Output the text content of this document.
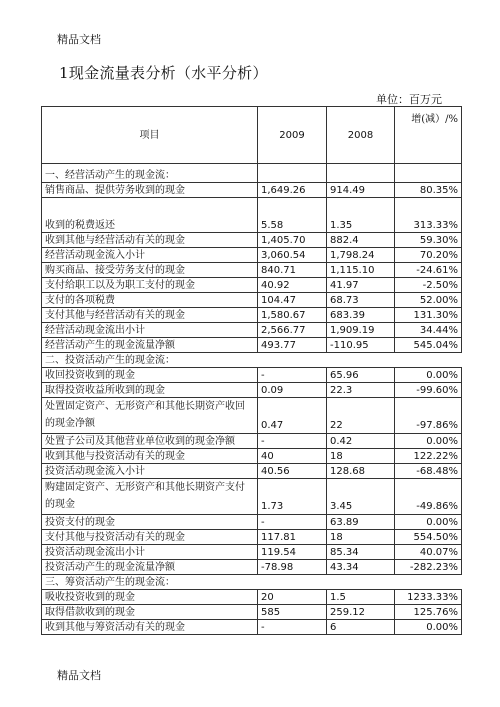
精品文档
1现金流量表分析（水平分析）
单位：百万元
项目	2009	2008	增(减）/%
一、经营活动产生的现金流：			
销售商品、提供劳务收到的现金	1,649.26	914.49	80.35%

收到的税费返还	5.58	1.35	313.33%
收到其他与经营活动有关的现金	1,405.70	882.4	59.30%
经营活动现金流入小计	3,060.54	1,798.24	70.20%
购买商品、接受劳务支付的现金	840.71	1,115.10	-24.61%
支付给职工以及为职工支付的现金	40.92	41.97	-2.50%
支付的各项税费	104.47	68.73	52.00%
支付其他与经营活动有关的现金	1,580.67	683.39	131.30%
经营活动现金流出小计	2,566.77	1,909.19	34.44%
经营活动产生的现金流量净额	493.77	-110.95	545.04%
二、投资活动产生的现金流：			
收回投资收到的现金	-	65.96	0.00%
取得投资收益所收到的现金	0.09	22.3	-99.60%
处置固定资产、无形资产和其他长期资产收回的现金净额	0.47	22	-97.86%
处置子公司及其他营业单位收到的现金净额	-	0.42	0.00%
收到其他与投资活动有关的现金	40	18	122.22%
投资活动现金流入小计	40.56	128.68	-68.48%
购建固定资产、无形资产和其他长期资产支付的现金	1.73	3.45	-49.86%
投资支付的现金	-	63.89	0.00%
支付其他与投资活动有关的现金	117.81	18	554.50%
投资活动现金流出小计	119.54	85.34	40.07%
投资活动产生的现金流量净额	-78.98	43.34	-282.23%
三、筹资活动产生的现金流：			
吸收投资收到的现金	20	1.5	1233.33%
取得借款收到的现金	585	259.12	125.76%
收到其他与筹资活动有关的现金	-	6	0.00%
精品文档
